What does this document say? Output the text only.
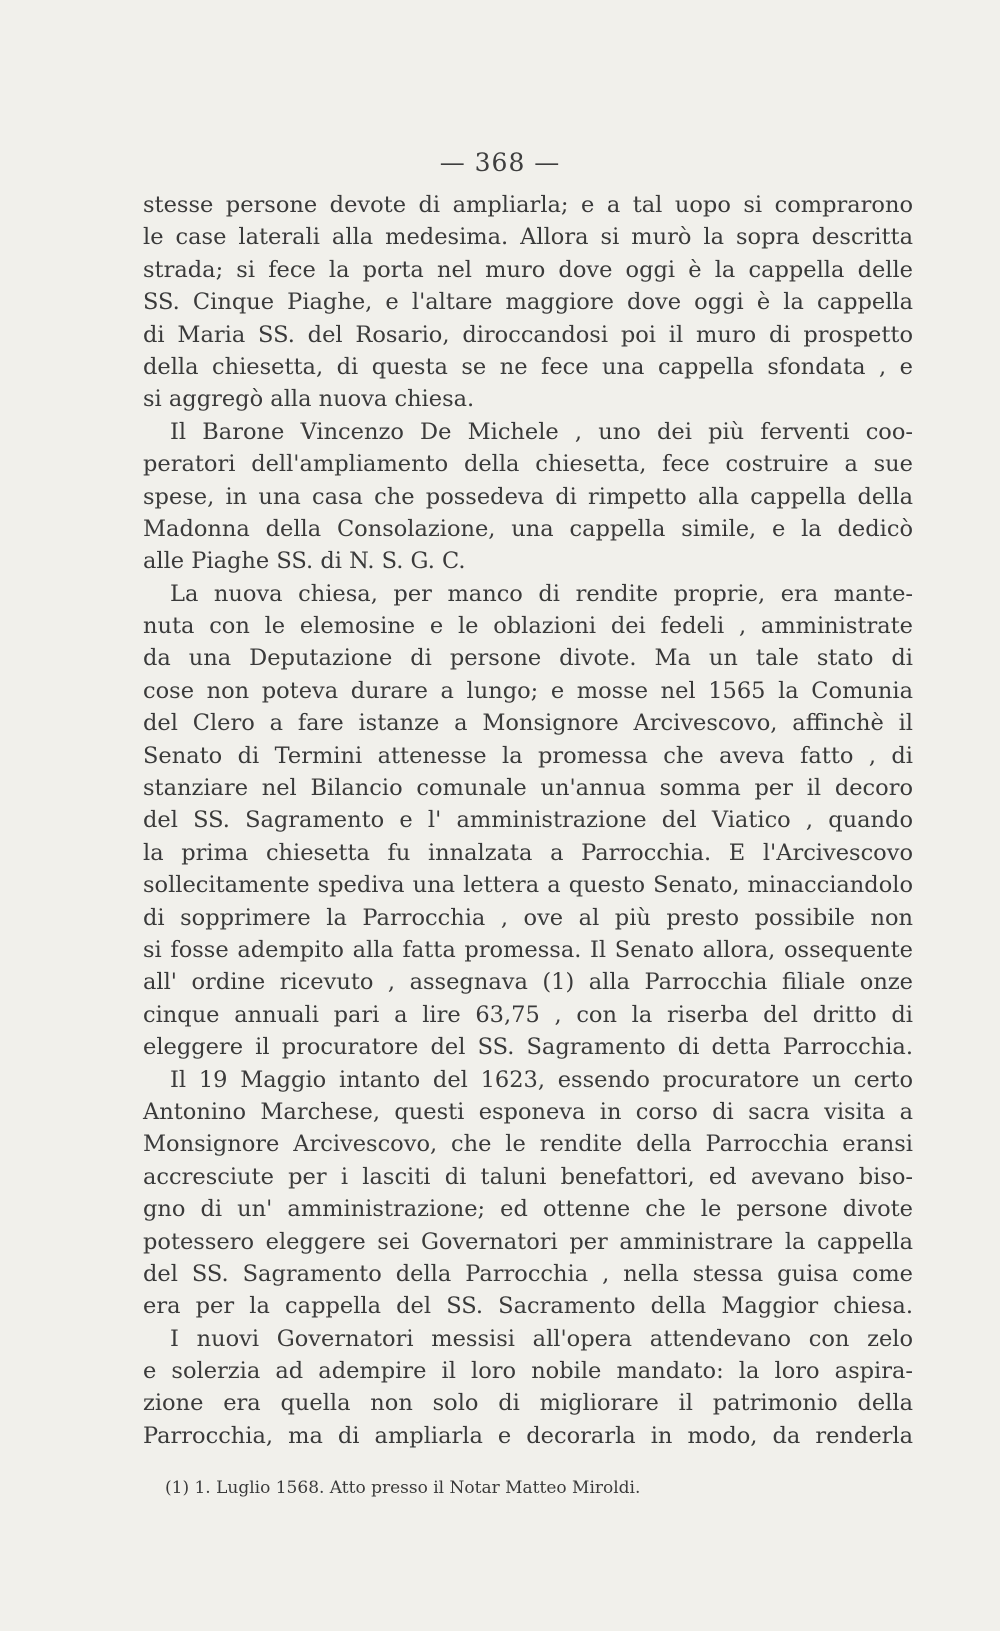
— 368 —
stesse persone devote di ampliarla; e a tal uopo si comprarono
le case laterali alla medesima. Allora si murò la sopra descritta
strada; si fece la porta nel muro dove oggi è la cappella delle
SS. Cinque Piaghe, e l'altare maggiore dove oggi è la cappella
di Maria SS. del Rosario, diroccandosi poi il muro di prospetto
della chiesetta, di questa se ne fece una cappella sfondata , e
si aggregò alla nuova chiesa.
Il Barone Vincenzo De Michele , uno dei più ferventi coo-
peratori dell'ampliamento della chiesetta, fece costruire a sue
spese, in una casa che possedeva di rimpetto alla cappella della
Madonna della Consolazione, una cappella simile, e la dedicò
alle Piaghe SS. di N. S. G. C.
La nuova chiesa, per manco di rendite proprie, era mante-
nuta con le elemosine e le oblazioni dei fedeli , amministrate
da una Deputazione di persone divote. Ma un tale stato di
cose non poteva durare a lungo; e mosse nel 1565 la Comunia
del Clero a fare istanze a Monsignore Arcivescovo, affinchè il
Senato di Termini attenesse la promessa che aveva fatto , di
stanziare nel Bilancio comunale un'annua somma per il decoro
del SS. Sagramento e l' amministrazione del Viatico , quando
la prima chiesetta fu innalzata a Parrocchia. E l'Arcivescovo
sollecitamente spediva una lettera a questo Senato, minacciandolo
di sopprimere la Parrocchia , ove al più presto possibile non
si fosse adempito alla fatta promessa. Il Senato allora, ossequente
all' ordine ricevuto , assegnava (1) alla Parrocchia filiale onze
cinque annuali pari a lire 63,75 , con la riserba del dritto di
eleggere il procuratore del SS. Sagramento di detta Parrocchia.
Il 19 Maggio intanto del 1623, essendo procuratore un certo
Antonino Marchese, questi esponeva in corso di sacra visita a
Monsignore Arcivescovo, che le rendite della Parrocchia eransi
accresciute per i lasciti di taluni benefattori, ed avevano biso-
gno di un' amministrazione; ed ottenne che le persone divote
potessero eleggere sei Governatori per amministrare la cappella
del SS. Sagramento della Parrocchia , nella stessa guisa come
era per la cappella del SS. Sacramento della Maggior chiesa.
I nuovi Governatori messisi all'opera attendevano con zelo
e solerzia ad adempire il loro nobile mandato: la loro aspira-
zione era quella non solo di migliorare il patrimonio della
Parrocchia, ma di ampliarla e decorarla in modo, da renderla
(1) 1. Luglio 1568. Atto presso il Notar Matteo Miroldi.
